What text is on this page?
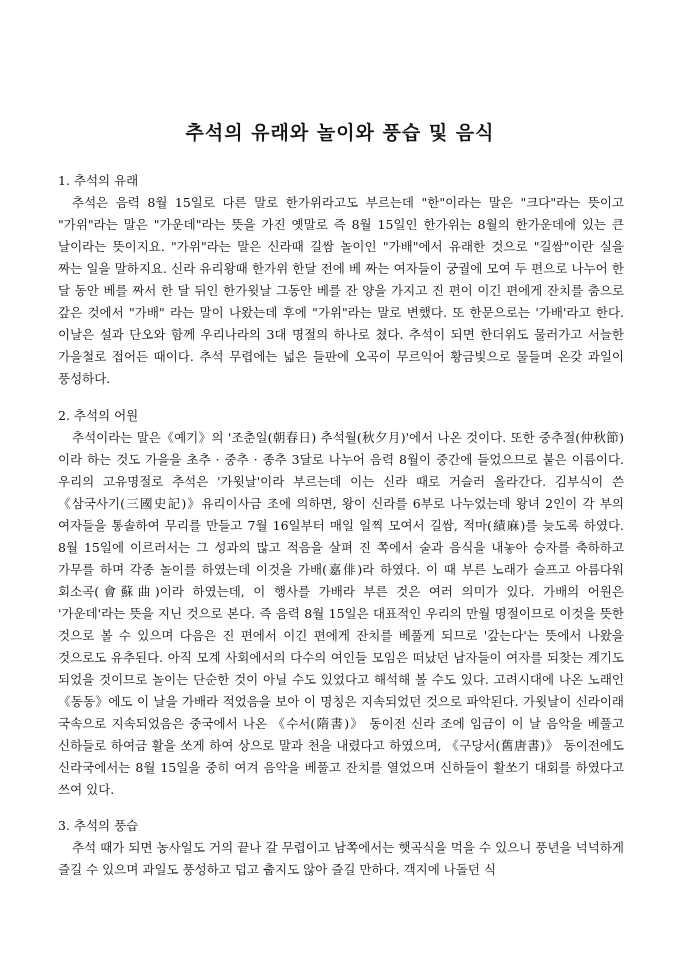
추석의 유래와 놀이와 풍습 및 음식

1. 추석의 유래

추석은 음력 8월 15일로 다른 말로 한가위라고도 부르는데 "한"이라는 말은 "크다"라는 뜻이고 "가위"라는 말은 "가운데"라는 뜻을 가진 옛말로 즉 8월 15일인 한가위는 8월의 한가운데에 있는 큰 날이라는 뜻이지요. "가위"라는 말은 신라때 길쌈 놀이인 "가배"에서 유래한 것으로 "길쌈"이란 실을 짜는 일을 말하지요. 신라 유리왕때 한가위 한달 전에 베 짜는 여자들이 궁궐에 모여 두 편으로 나누어 한 달 동안 베를 짜서 한 달 뒤인 한가윗날 그동안 베를 잔 양을 가지고 진 편이 이긴 편에게 잔치를 춤으로 갚은 것에서 "가배" 라는 말이 나왔는데 후에 "가위"라는 말로 변했다. 또 한문으로는 '가배'라고 한다. 이날은 설과 단오와 함께 우리나라의 3대 명절의 하나로 쳤다. 추석이 되면 한더위도 물러가고 서늘한 가을철로 접어든 때이다. 추석 무렵에는 넓은 들판에 오곡이 무르익어 황금빛으로 물들며 온갖 과일이 풍성하다.

2. 추석의 어원

추석이라는 말은《예기》의 '조춘일(朝春日) 추석월(秋夕月)'에서 나온 것이다. 또한 중추절(仲秋節)이라 하는 것도 가을을 초추 · 중추 · 종추 3달로 나누어 음력 8월이 중간에 들었으므로 붙은 이름이다. 우리의 고유명절로 추석은 '가윗날'이라 부르는데 이는 신라 때로 거슬러 올라간다. 김부식이 쓴 《삼국사기(三國史記)》유리이사금 조에 의하면, 왕이 신라를 6부로 나누었는데 왕녀 2인이 각 부의 여자들을 통솔하여 무리를 만들고 7월 16일부터 매일 일찍 모여서 길쌈, 적마(績麻)를 늦도록 하였다. 8월 15일에 이르러서는 그 성과의 많고 적음을 살펴 진 쪽에서 술과 음식을 내놓아 승자를 축하하고 가무를 하며 각종 놀이를 하였는데 이것을 가배(嘉俳)라 하였다. 이 때 부른 노래가 슬프고 아름다워 회소곡(會蘇曲)이라 하였는데, 이 행사를 가배라 부른 것은 여러 의미가 있다. 가배의 어원은 '가운데'라는 뜻을 지닌 것으로 본다. 즉 음력 8월 15일은 대표적인 우리의 만월 명절이므로 이것을 뜻한 것으로 볼 수 있으며 다음은 진 편에서 이긴 편에게 잔치를 베풀게 되므로 '갚는다'는 뜻에서 나왔을 것으로도 유추된다. 아직 모계 사회에서의 다수의 여인들 모임은 떠났던 남자들이 여자를 되찾는 계기도 되었을 것이므로 놀이는 단순한 것이 아닐 수도 있었다고 해석해 볼 수도 있다. 고려시대에 나온 노래인《동동》에도 이 날을 가배라 적었음을 보아 이 명칭은 지속되었던 것으로 파악된다. 가윗날이 신라이래 국속으로 지속되었음은 중국에서 나온 《수서(隋書)》 동이전 신라 조에 임금이 이 날 음악을 베풀고 신하들로 하여금 활을 쏘게 하여 상으로 말과 천을 내렸다고 하였으며, 《구당서(舊唐書)》 동이전에도 신라국에서는 8월 15일을 중히 여겨 음악을 베풀고 잔치를 열었으며 신하들이 활쏘기 대회를 하였다고 쓰여 있다.

3. 추석의 풍습

추석 때가 되면 농사일도 거의 끝나 갈 무렵이고 남쪽에서는 햇곡식을 먹을 수 있으니 풍년을 넉넉하게 즐길 수 있으며 과일도 풍성하고 덥고 춥지도 않아 즐길 만하다. 객지에 나돌던 식
